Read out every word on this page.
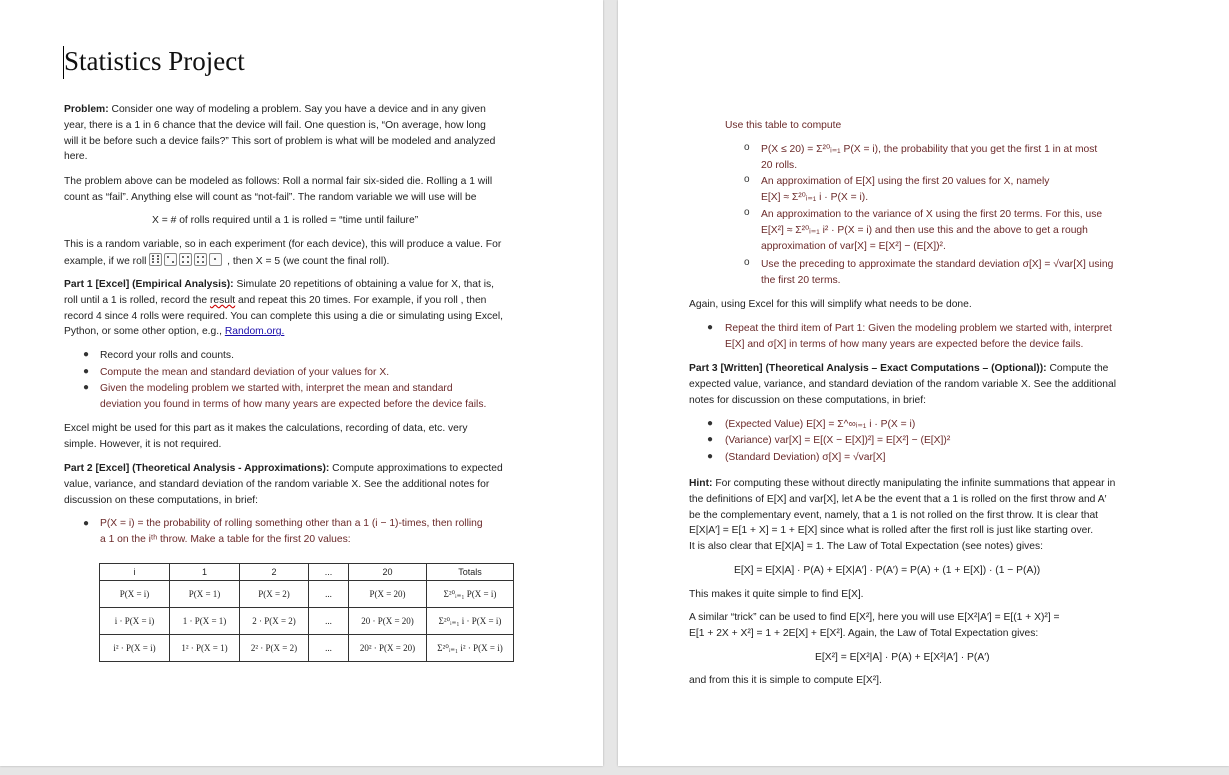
Statistics Project
Problem: Consider one way of modeling a problem. Say you have a device and in any given
year, there is a 1 in 6 chance that the device will fail. One question is, “On average, how long
will it be before such a device fails?” This sort of problem is what will be modeled and analyzed
here.
The problem above can be modeled as follows: Roll a normal fair six-sided die. Rolling a 1 will
count as “fail”. Anything else will count as “not-fail”. The random variable we will use will be
X = # of rolls required until a 1 is rolled = “time until failure”
This is a random variable, so in each experiment (for each device), this will produce a value. For
example, if we roll	, then X = 5 (we count the final roll).
Part 1 [Excel] (Empirical Analysis): Simulate 20 repetitions of obtaining a value for X, that is,
roll until a 1 is rolled, record the result and repeat this 20 times. For example, if you roll , then
record 4 since 4 rolls were required. You can complete this using a die or simulating using Excel,
Python, or some other option, e.g., Random.org.
● Record your rolls and counts.
● Compute the mean and standard deviation of your values for X.
● Given the modeling problem we started with, interpret the mean and standard
deviation you found in terms of how many years are expected before the device fails.
Excel might be used for this part as it makes the calculations, recording of data, etc. very
simple. However, it is not required.
Part 2 [Excel] (Theoretical Analysis - Approximations): Compute approximations to expected
value, variance, and standard deviation of the random variable X. See the additional notes for
discussion on these computations, in brief:
● P(X = i) = the probability of rolling something other than a 1 (i − 1)-times, then rolling
a 1 on the iᵗʰ throw. Make a table for the first 20 values:
i	1	2	...	20	Totals
P(X = i)	P(X = 1)	P(X = 2)	...	P(X = 20)	Σ²⁰ᵢ₌₁ P(X = i)
i · P(X = i)	1 · P(X = 1)	2 · P(X = 2)	...	20 · P(X = 20)	Σ²⁰ᵢ₌₁ i · P(X = i)
i² · P(X = i)	1² · P(X = 1)	2² · P(X = 2)	...	20² · P(X = 20)	Σ²⁰ᵢ₌₁ i² · P(X = i)
Use this table to compute
o P(X ≤ 20) = Σ²⁰ᵢ₌₁ P(X = i), the probability that you get the first 1 in at most
20 rolls.
o An approximation of E[X] using the first 20 values for X, namely
E[X] ≈ Σ²⁰ᵢ₌₁ i · P(X = i).
o An approximation to the variance of X using the first 20 terms. For this, use
E[X²] ≈ Σ²⁰ᵢ₌₁ i² · P(X = i) and then use this and the above to get a rough
approximation of var[X] = E[X²] − (E[X])².
o Use the preceding to approximate the standard deviation σ[X] = √var[X] using
the first 20 terms.
Again, using Excel for this will simplify what needs to be done.
● Repeat the third item of Part 1: Given the modeling problem we started with, interpret
E[X] and σ[X] in terms of how many years are expected before the device fails.
Part 3 [Written] (Theoretical Analysis – Exact Computations – (Optional)): Compute the
expected value, variance, and standard deviation of the random variable X. See the additional
notes for discussion on these computations, in brief:
● (Expected Value) E[X] = Σ^∞ᵢ₌₁ i · P(X = i)
● (Variance) var[X] = E[(X − E[X])²] = E[X²] − (E[X])²
● (Standard Deviation) σ[X] = √var[X]
Hint: For computing these without directly manipulating the infinite summations that appear in
the definitions of E[X] and var[X], let A be the event that a 1 is rolled on the first throw and A′
be the complementary event, namely, that a 1 is not rolled on the first throw. It is clear that
E[X|A′] = E[1 + X] = 1 + E[X] since what is rolled after the first roll is just like starting over.
It is also clear that E[X|A] = 1. The Law of Total Expectation (see notes) gives:
E[X] = E[X|A] · P(A) + E[X|A′] · P(A′) = P(A) + (1 + E[X]) · (1 − P(A))
This makes it quite simple to find E[X].
A similar “trick” can be used to find E[X²], here you will use E[X²|A′] = E[(1 + X)²] =
E[1 + 2X + X²] = 1 + 2E[X] + E[X²]. Again, the Law of Total Expectation gives:
E[X²] = E[X²|A] · P(A) + E[X²|A′] · P(A′)
and from this it is simple to compute E[X²].
